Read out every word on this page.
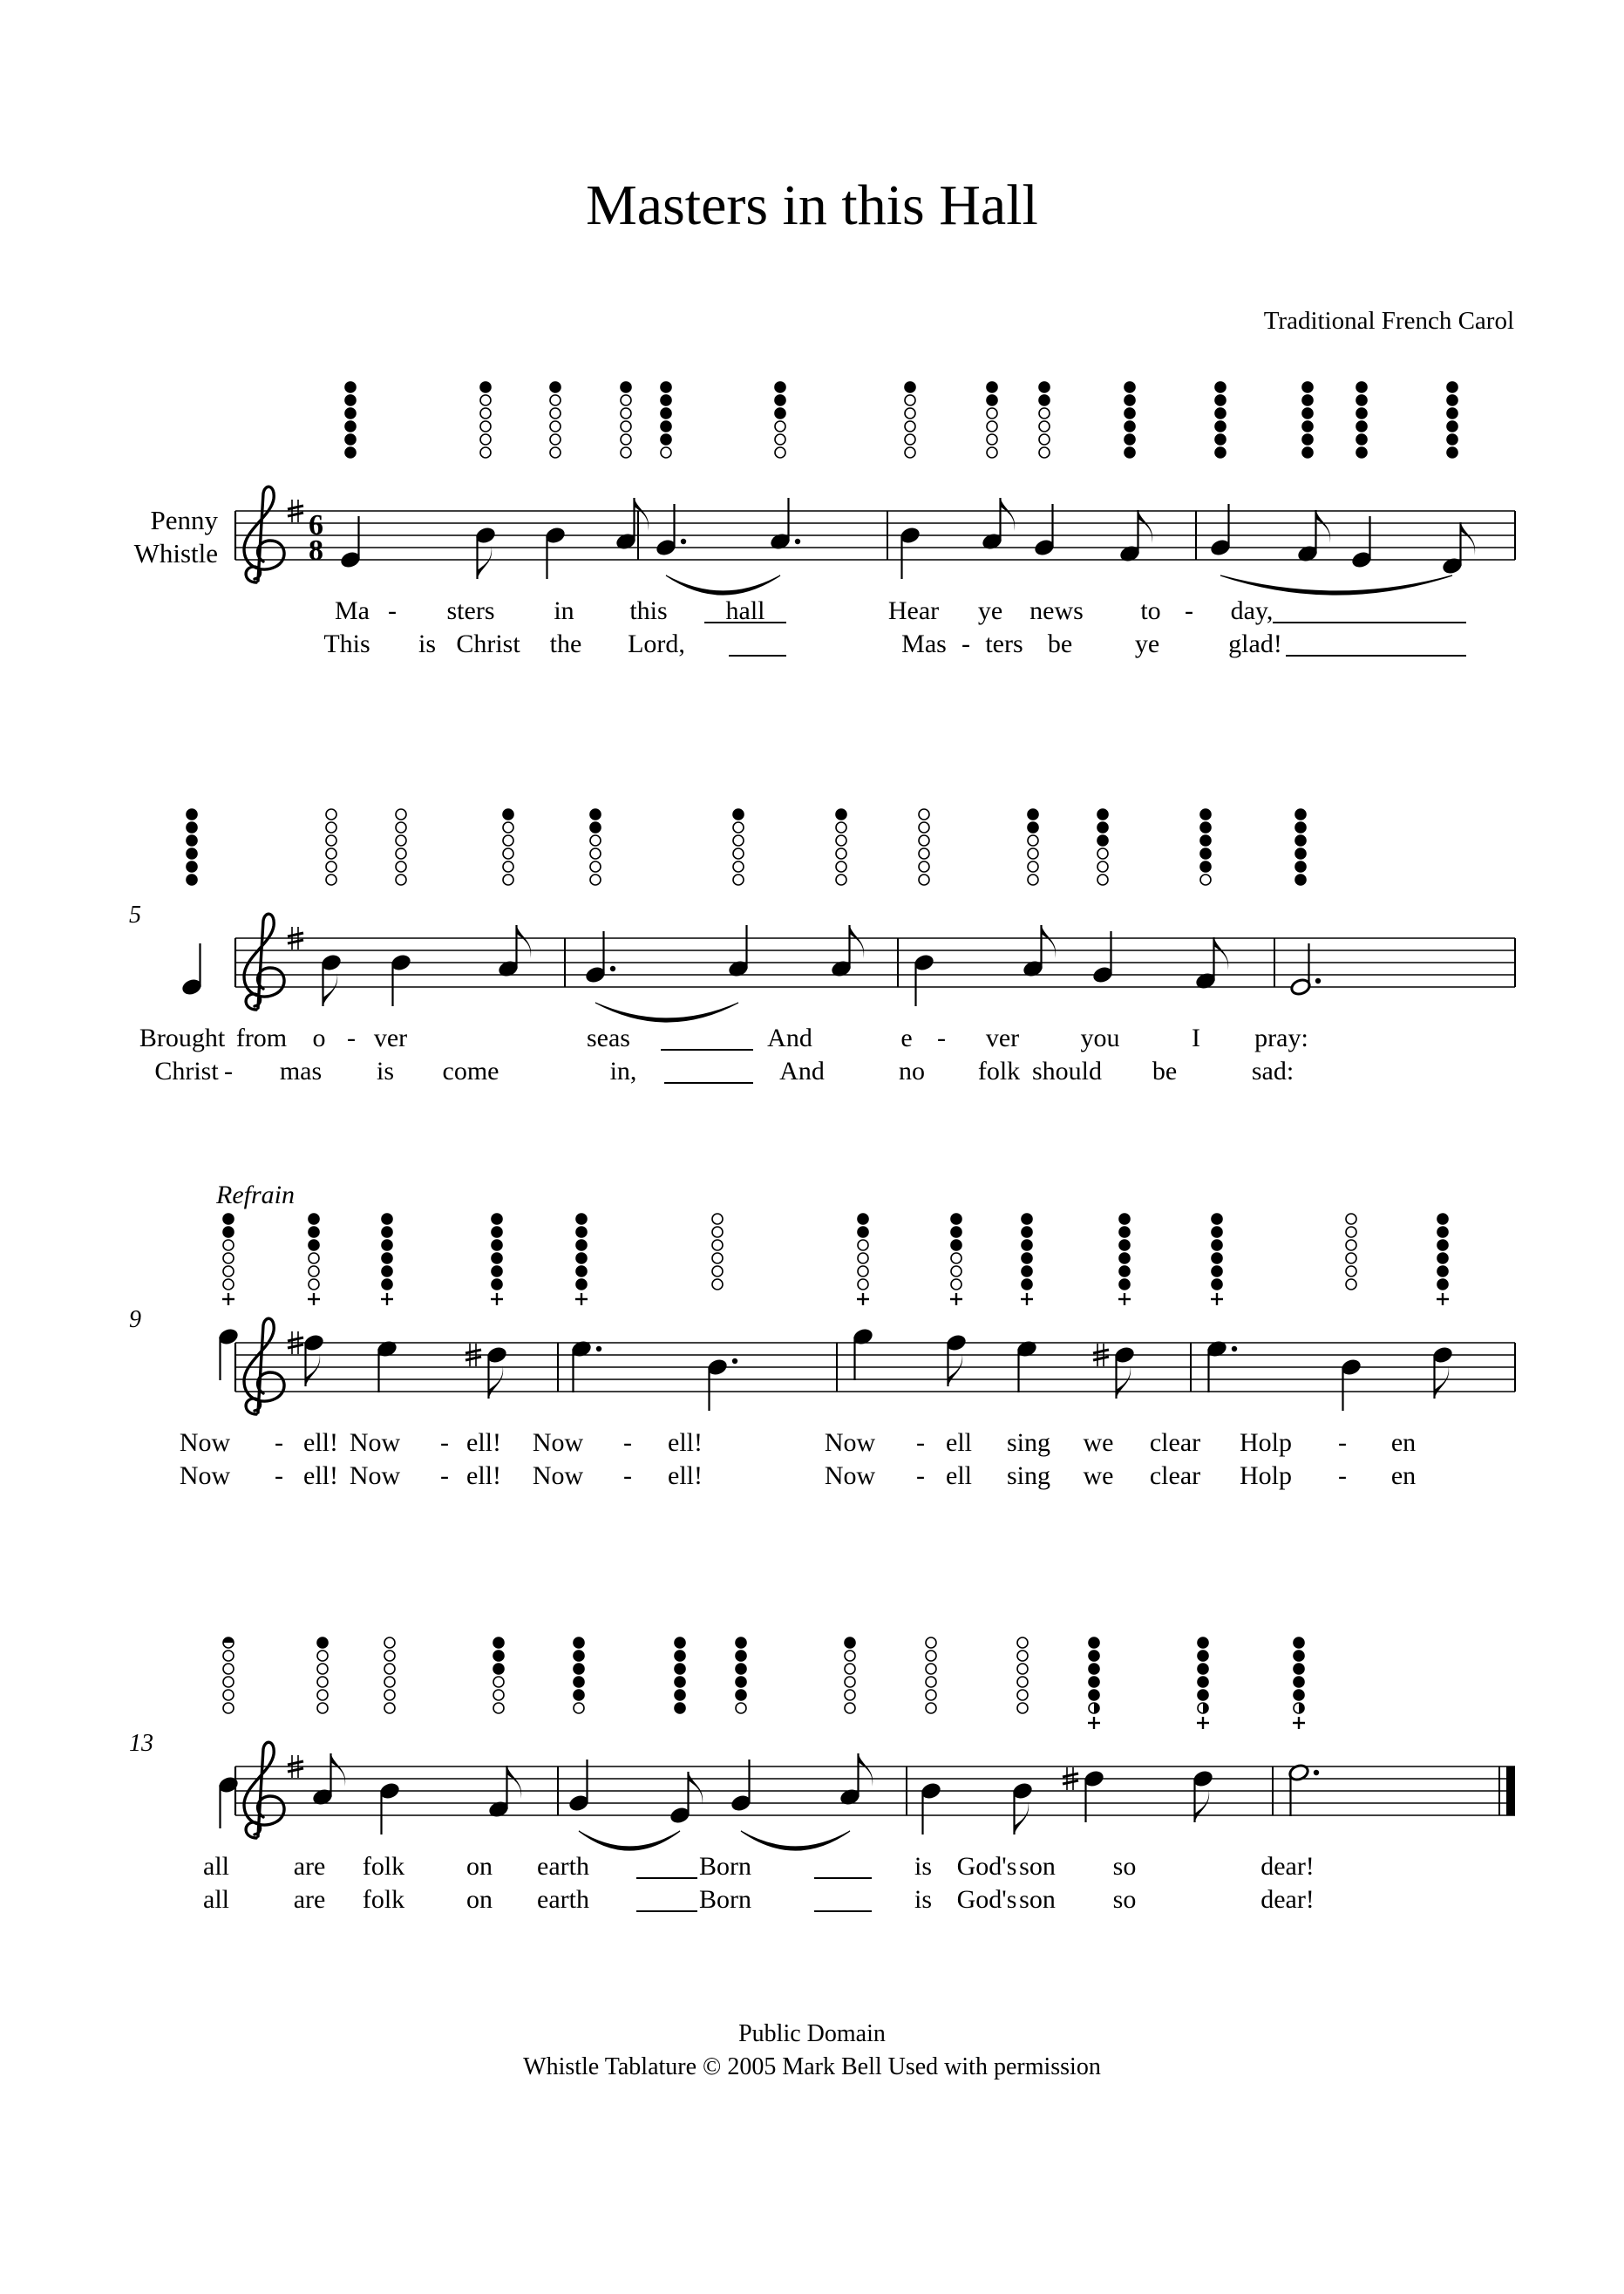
Masters in this Hall
Traditional French Carol
Penny
Whistle
6
8
Ma - sters in this hall	Hear ye news to - day,
This is Christ the Lord,	Mas - ters be ye	glad!
5
Brought from o - ver	seas	And	e - ver you	I pray:
Christ - mas is come	in,	And	no folk should be	sad:
9
Refrain
Now - ell! Now - ell! Now - ell!	Now - ell sing we clear Holp - en
Now - ell! Now - ell! Now - ell!	Now - ell sing we clear Holp - en
13
all are folk on earth	Born	is God's son so	dear!
all are folk on earth	Born	is God's son so	dear!
Public Domain
Whistle Tablature © 2005 Mark Bell Used with permission
